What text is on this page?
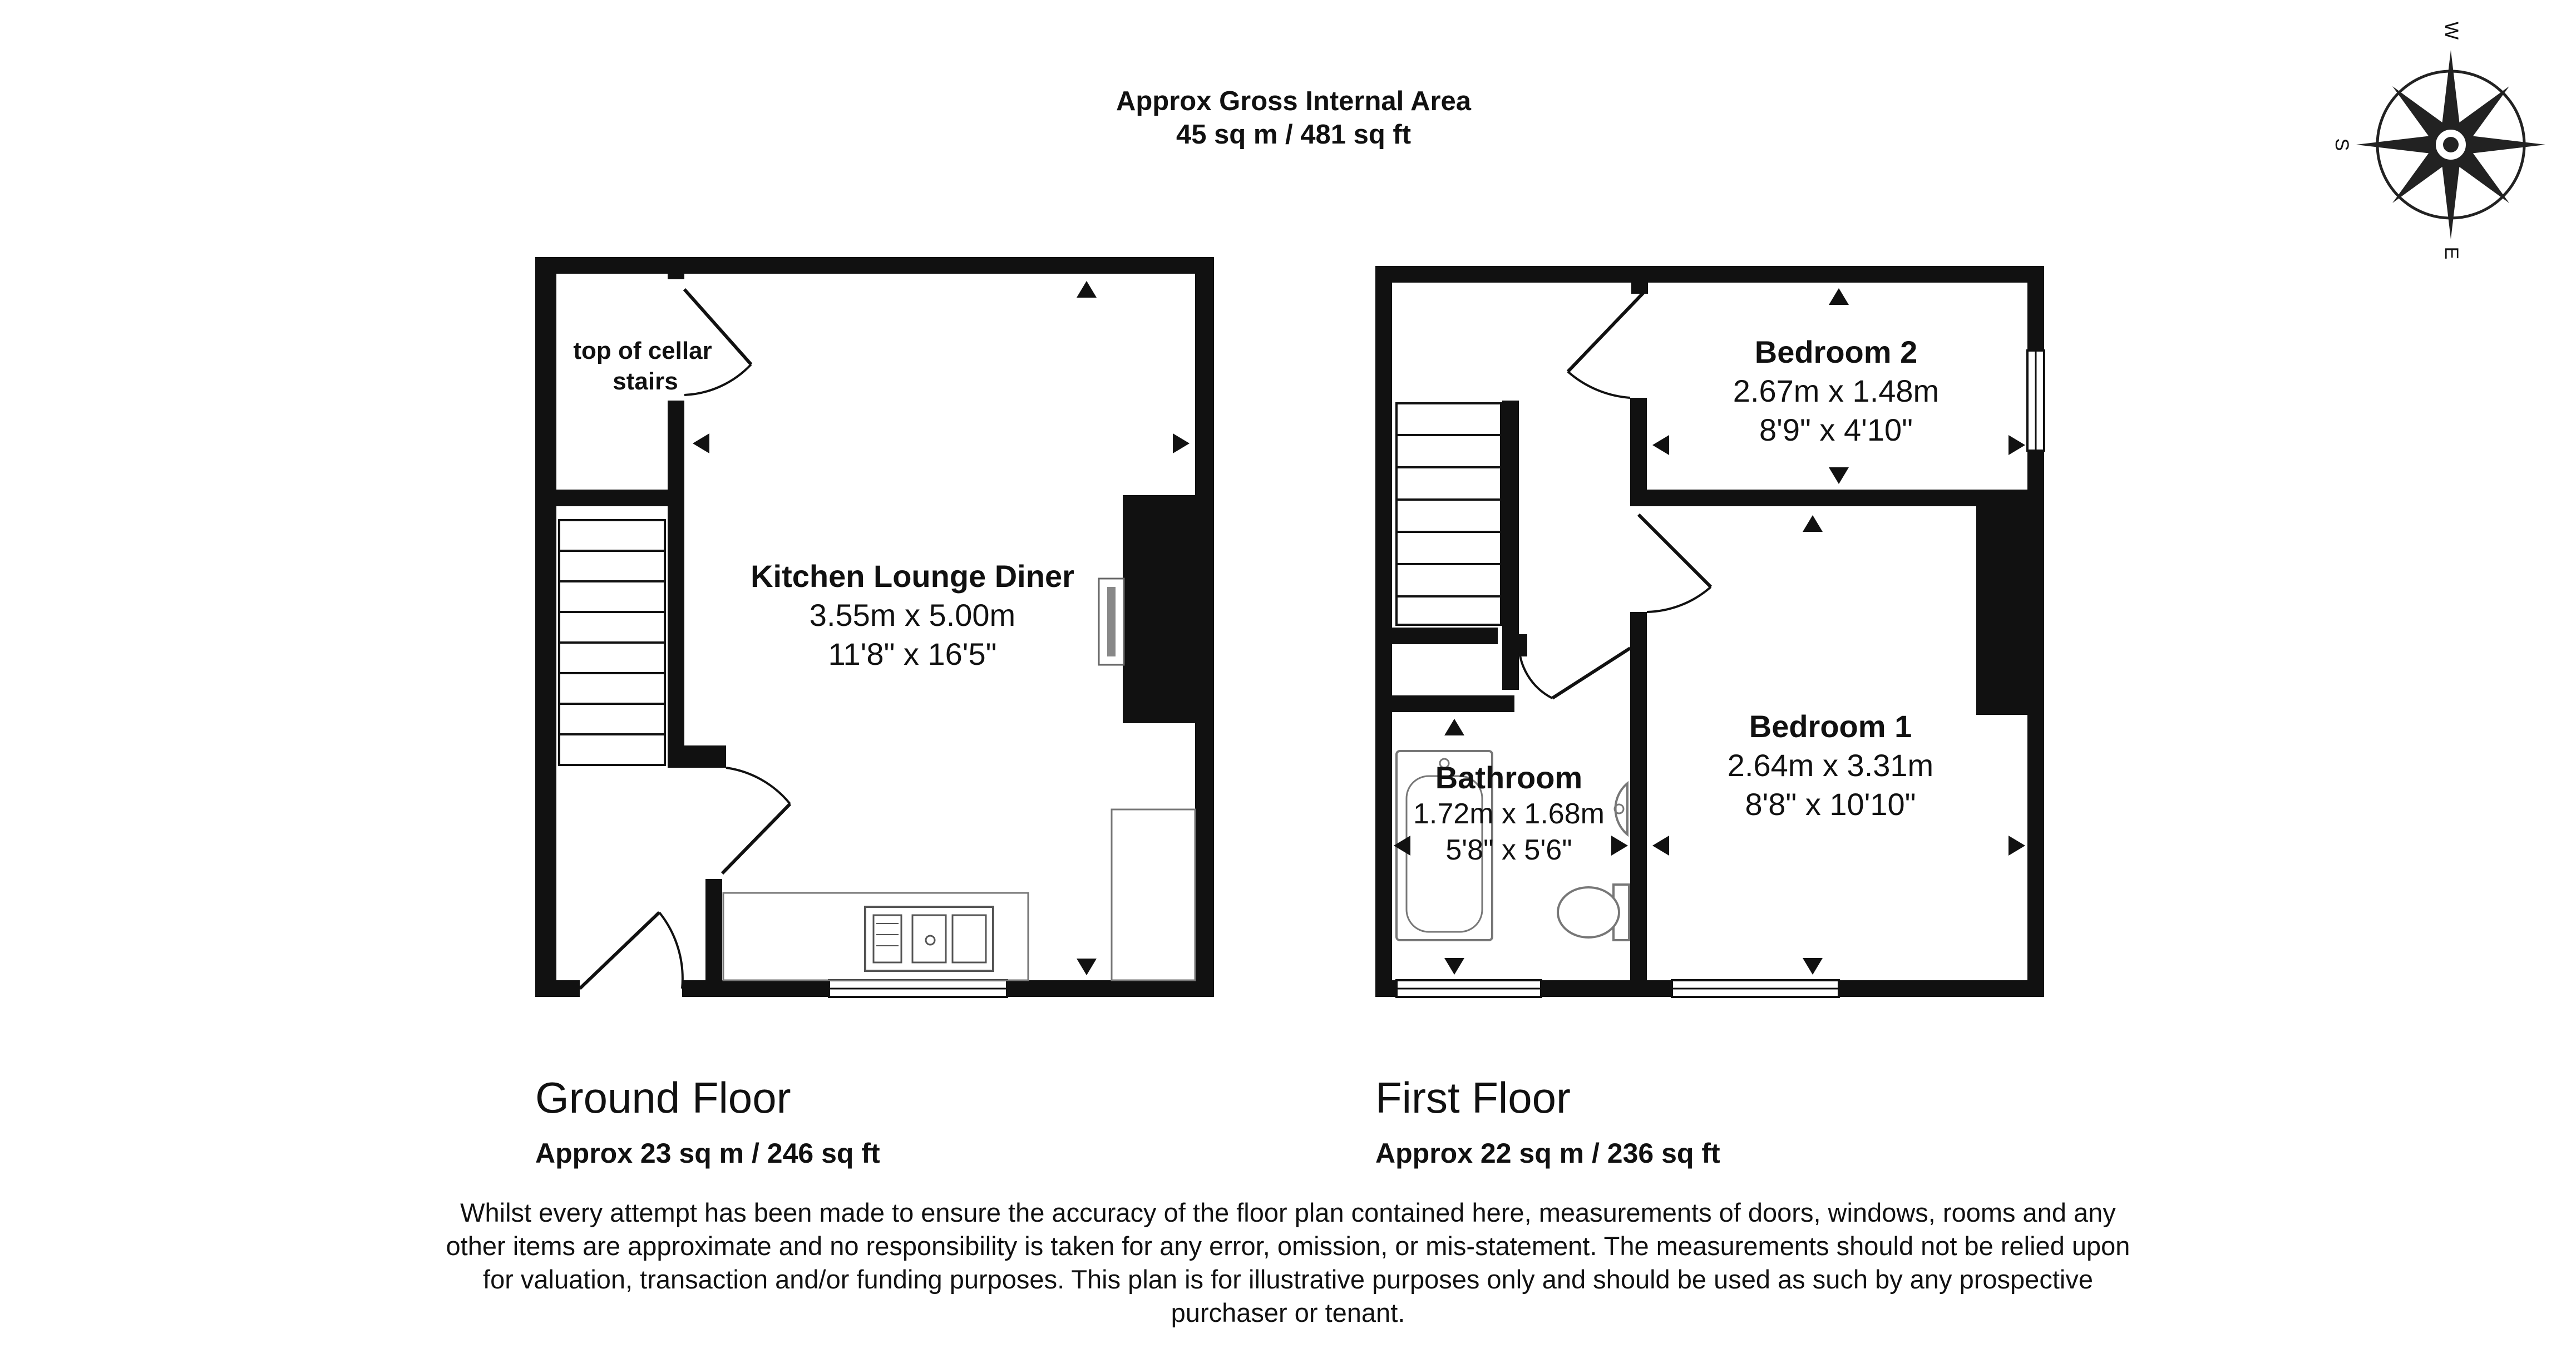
Approx Gross Internal Area
45 sq m / 481 sq ft
W
S
E
top of cellar
stairs
Kitchen Lounge Diner
3.55m x 5.00m
11'8" x 16'5"
Bedroom 2
2.67m x 1.48m
8'9" x 4'10"
Bedroom 1
2.64m x 3.31m
8'8" x 10'10"
Bathroom
1.72m x 1.68m
5'8" x 5'6"
Ground Floor
Approx 23 sq m / 246 sq ft
First Floor
Approx 22 sq m / 236 sq ft
Whilst every attempt has been made to ensure the accuracy of the floor plan contained here, measurements of doors, windows, rooms and any other items are approximate and no responsibility is taken for any error, omission, or mis-statement. The measurements should not be relied upon for valuation, transaction and/or funding purposes. This plan is for illustrative purposes only and should be used as such by any prospective purchaser or tenant.
